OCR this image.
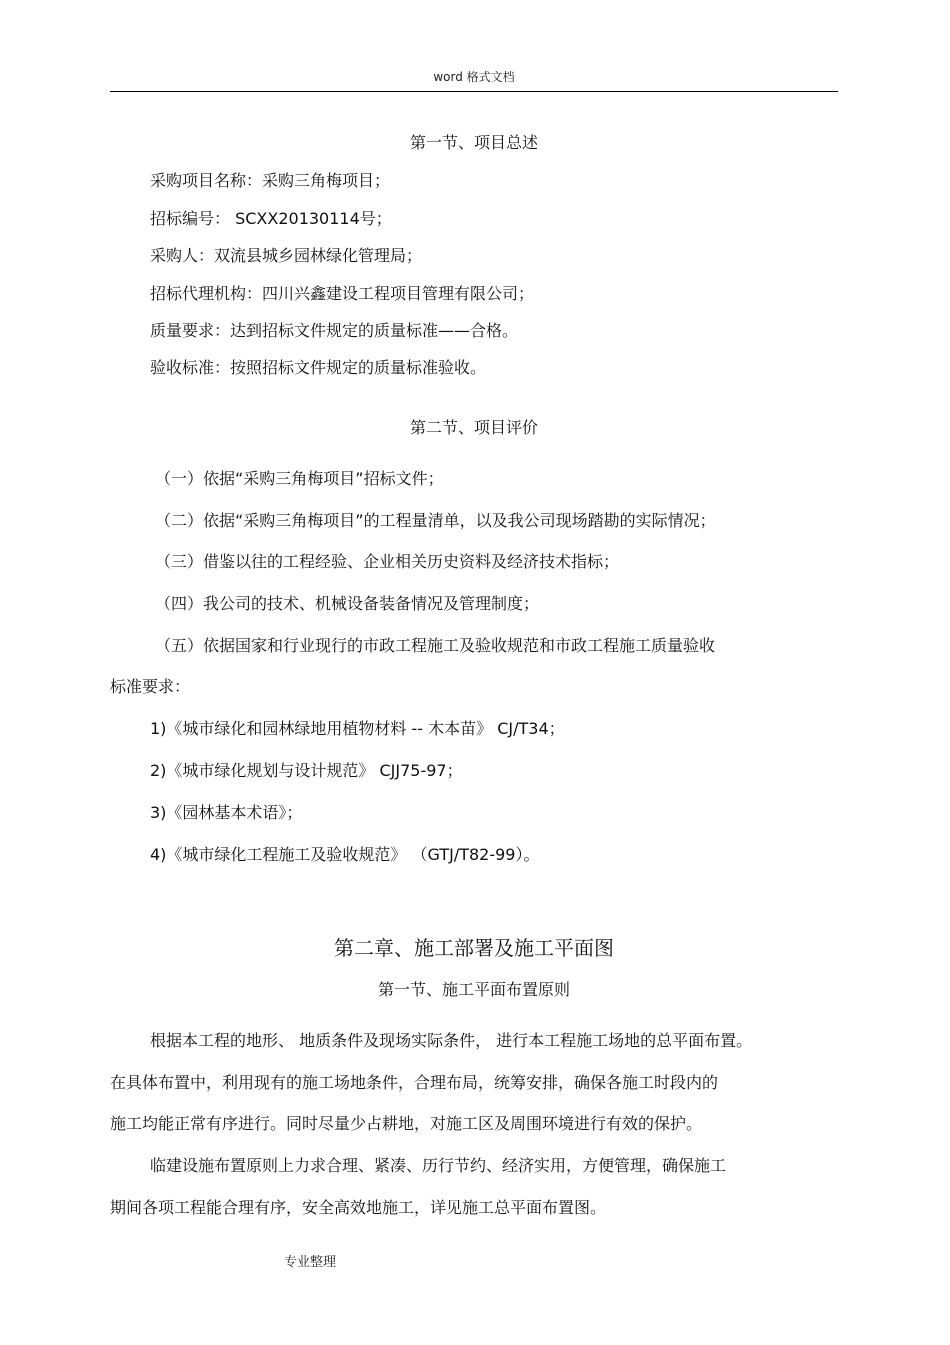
word 格式文档
第一节、项目总述
采购项目名称：采购三角梅项目；
招标编号： SCXX20130114号；
采购人：双流县城乡园林绿化管理局；
招标代理机构：四川兴鑫建设工程项目管理有限公司；
质量要求：达到招标文件规定的质量标准——合格。
验收标准：按照招标文件规定的质量标准验收。
第二节、项目评价
（一）依据“采购三角梅项目”招标文件；
（二）依据“采购三角梅项目”的工程量清单，以及我公司现场踏勘的实际情况；
（三）借鉴以往的工程经验、企业相关历史资料及经济技术指标；
（四）我公司的技术、机械设备装备情况及管理制度；
（五）依据国家和行业现行的市政工程施工及验收规范和市政工程施工质量验收
标准要求：
1)《城市绿化和园林绿地用植物材料 -- 木本苗》 CJ/T34；
2)《城市绿化规划与设计规范》 CJJ75-97；
3)《园林基本术语》；
4)《城市绿化工程施工及验收规范》 （GTJ/T82-99）。
第二章、施工部署及施工平面图
第一节、施工平面布置原则
根据本工程的地形、 地质条件及现场实际条件， 进行本工程施工场地的总平面布置。
在具体布置中，利用现有的施工场地条件，合理布局，统筹安排，确保各施工时段内的
施工均能正常有序进行。同时尽量少占耕地，对施工区及周围环境进行有效的保护。
临建设施布置原则上力求合理、紧凑、历行节约、经济实用，方便管理，确保施工
期间各项工程能合理有序，安全高效地施工，详见施工总平面布置图。
专业整理
